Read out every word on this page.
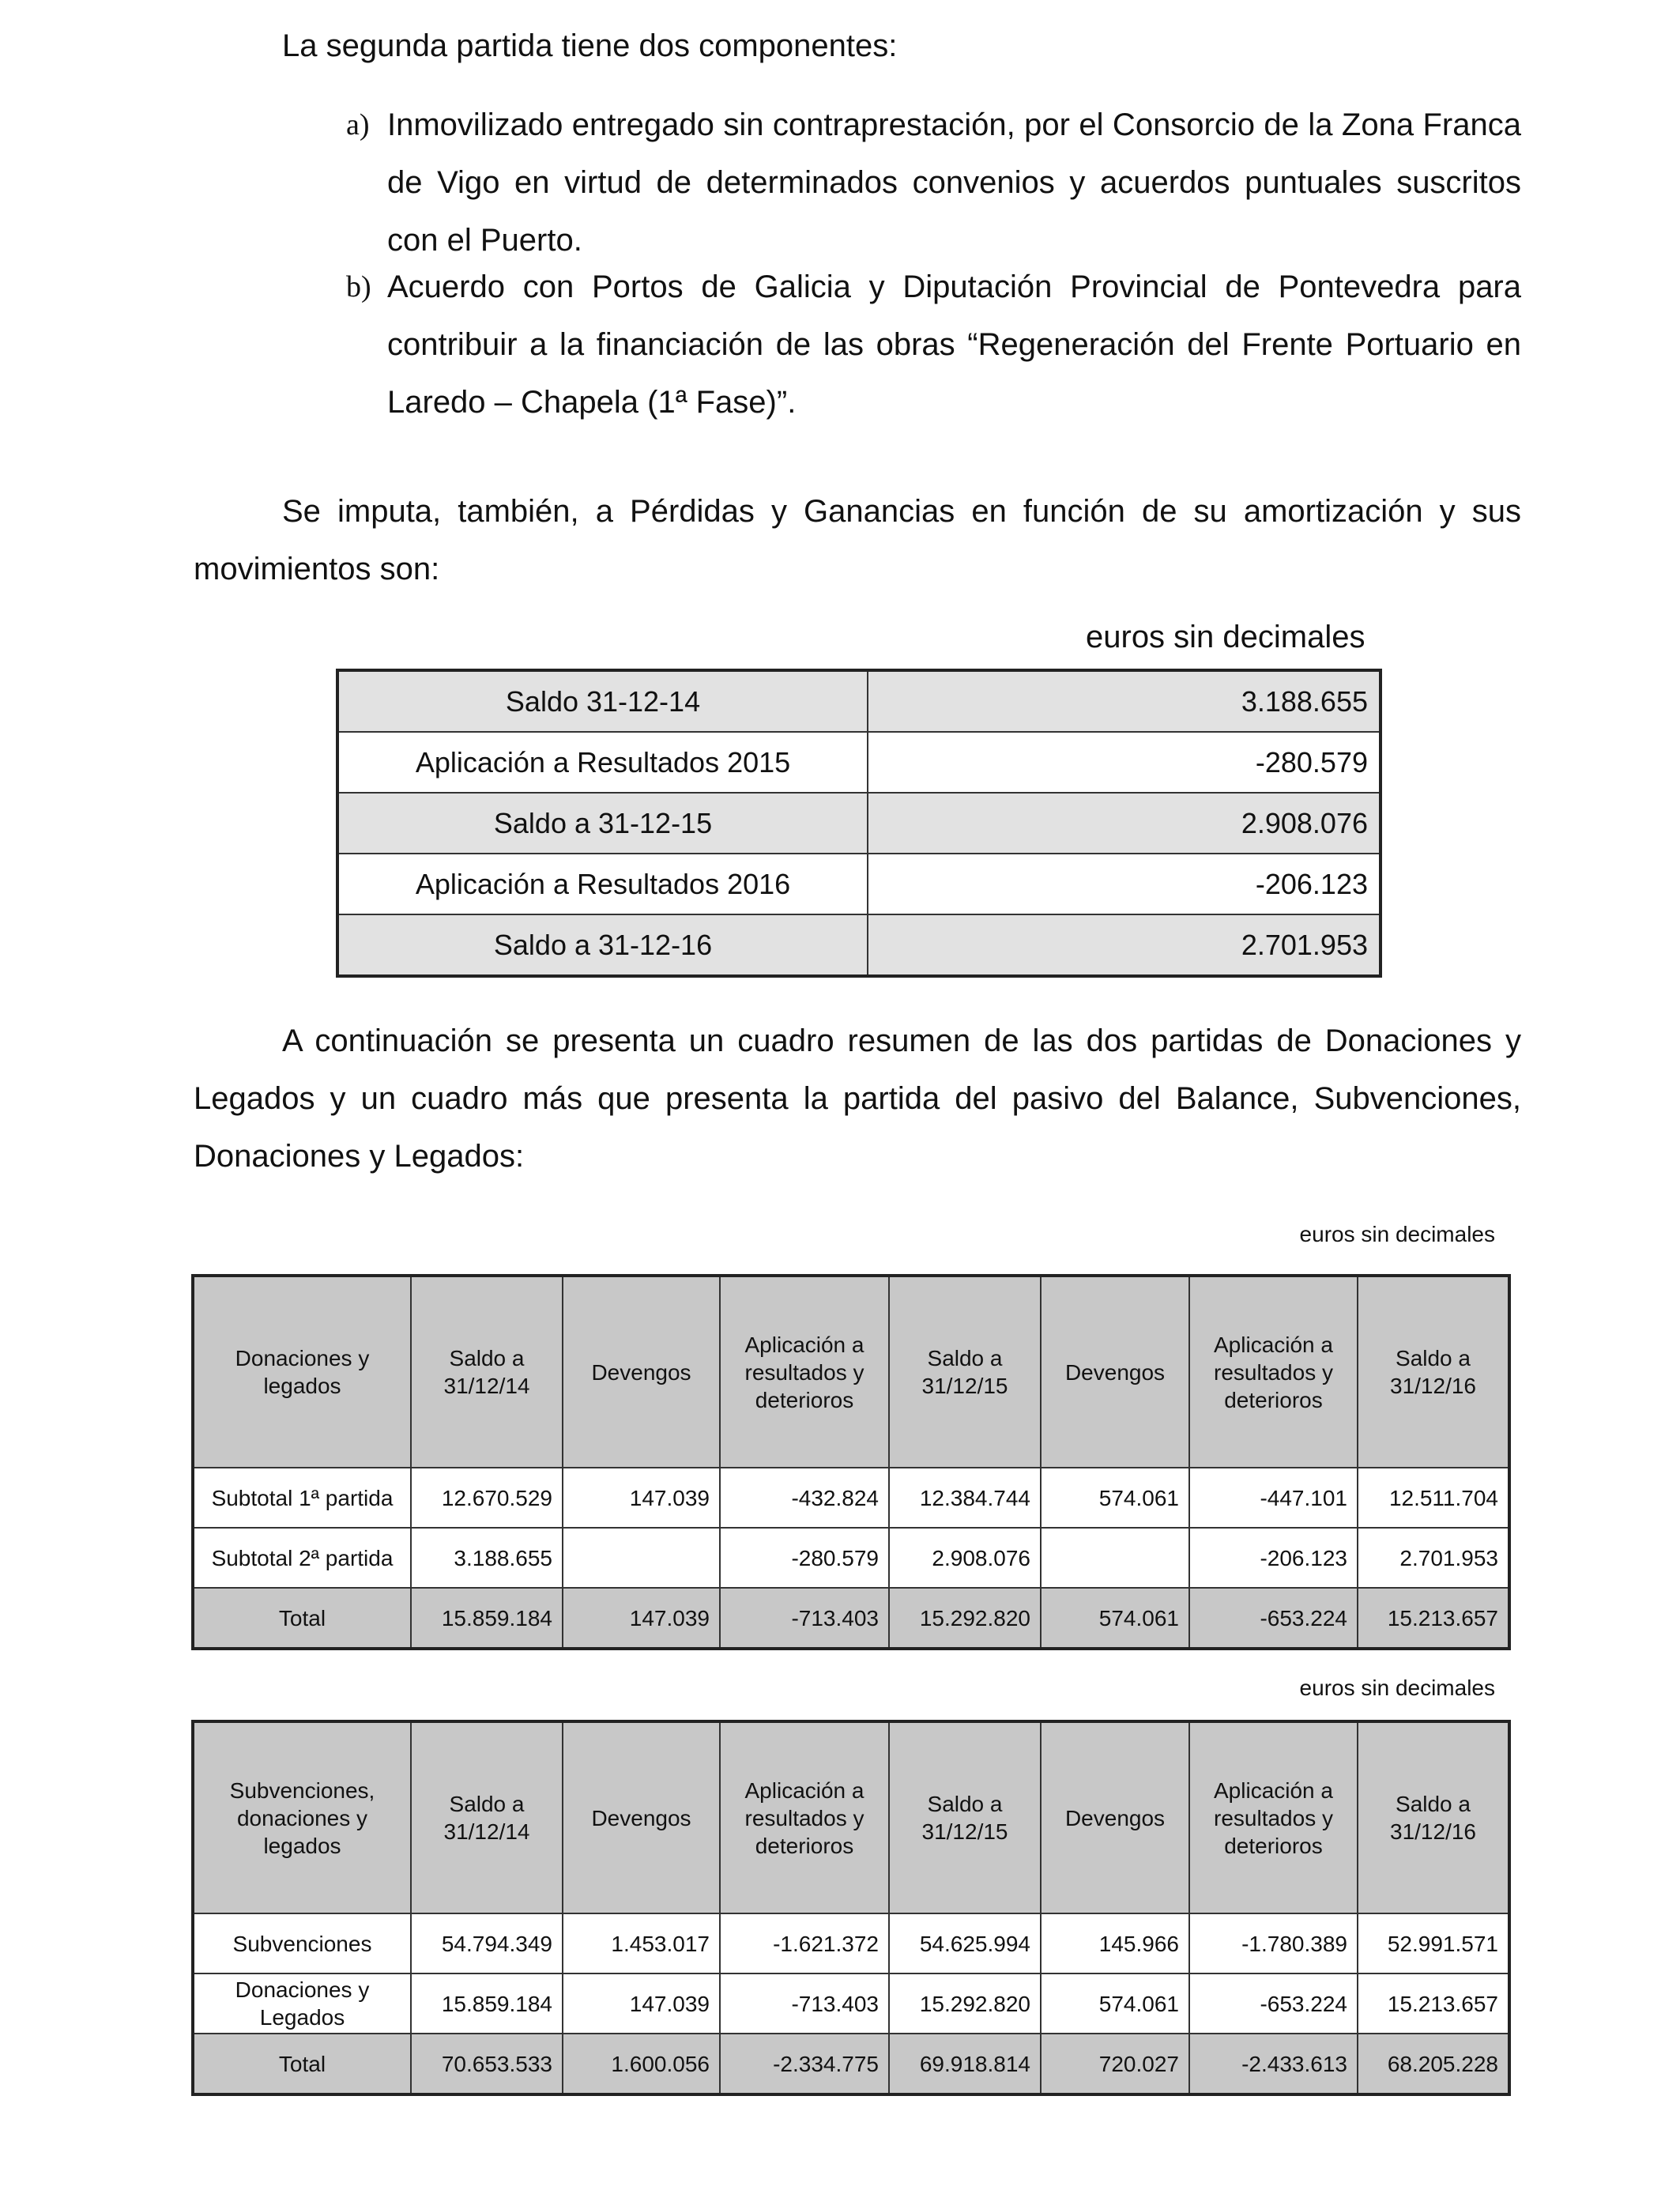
La segunda partida tiene dos componentes:

a) Inmovilizado entregado sin contraprestación, por el Consorcio de la Zona Franca de Vigo en virtud de determinados convenios y acuerdos puntuales suscritos con el Puerto.
b) Acuerdo con Portos de Galicia y Diputación Provincial de Pontevedra para contribuir a la financiación de las obras “Regeneración del Frente Portuario en Laredo – Chapela (1ª Fase)”.
Se imputa, también, a Pérdidas y Ganancias en función de su amortización y sus movimientos son:
euros sin decimales
Saldo 31-12-14	3.188.655
Aplicación a Resultados 2015	-280.579
Saldo a 31-12-15	2.908.076
Aplicación a Resultados 2016	-206.123
Saldo a 31-12-16	2.701.953
A continuación se presenta un cuadro resumen de las dos partidas de Donaciones y Legados y un cuadro más que presenta la partida del pasivo del Balance, Subvenciones, Donaciones y Legados:
euros sin decimales
Donaciones y legados	Saldo a 31/12/14	Devengos	Aplicación a resultados y deterioros	Saldo a 31/12/15	Devengos	Aplicación a resultados y deterioros	Saldo a 31/12/16
Subtotal 1ª partida	12.670.529	147.039	-432.824	12.384.744	574.061	-447.101	12.511.704
Subtotal 2ª partida	3.188.655		-280.579	2.908.076		-206.123	2.701.953
Total	15.859.184	147.039	-713.403	15.292.820	574.061	-653.224	15.213.657
euros sin decimales
Subvenciones, donaciones y legados	Saldo a 31/12/14	Devengos	Aplicación a resultados y deterioros	Saldo a 31/12/15	Devengos	Aplicación a resultados y deterioros	Saldo a 31/12/16
Subvenciones	54.794.349	1.453.017	-1.621.372	54.625.994	145.966	-1.780.389	52.991.571
Donaciones y Legados	15.859.184	147.039	-713.403	15.292.820	574.061	-653.224	15.213.657
Total	70.653.533	1.600.056	-2.334.775	69.918.814	720.027	-2.433.613	68.205.228
